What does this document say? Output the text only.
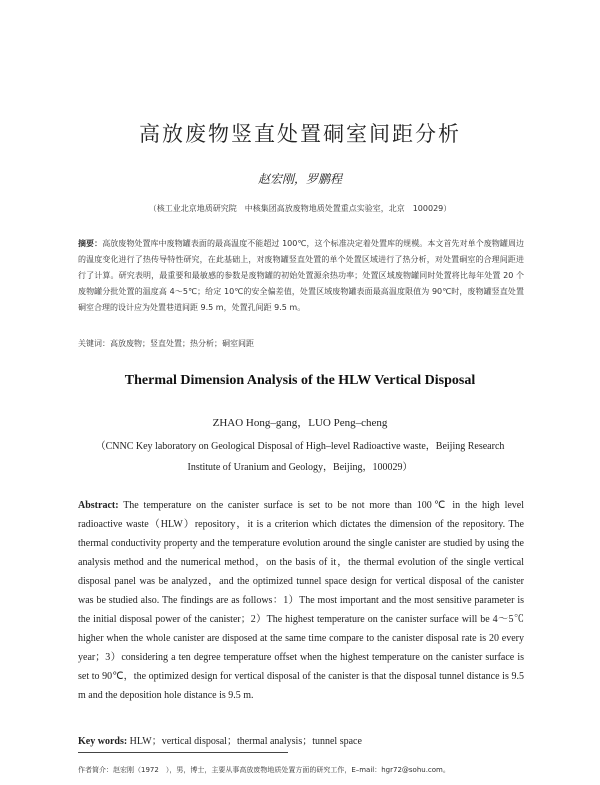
高放废物竖直处置硐室间距分析
赵宏刚，罗鹏程
（核工业北京地质研究院　中核集团高放废物地质处置重点实验室，北京　100029）
摘要：高放废物处置库中废物罐表面的最高温度不能超过 100℃，这个标准决定着处置库的规模。本文首先对单个废物罐周边的温度变化进行了热传导特性研究，在此基础上，对废物罐竖直处置的单个处置区域进行了热分析，对处置硐室的合理间距进行了计算。研究表明，最重要和最敏感的参数是废物罐的初始处置源余热功率；处置区域废物罐同时处置将比每年处置 20 个废物罐分批处置的温度高 4～5℃；给定 10℃的安全偏差值，处置区域废物罐表面最高温度限值为 90℃时，废物罐竖直处置硐室合理的设计应为处置巷道间距 9.5 m，处置孔间距 9.5 m。
关键词：高放废物；竖直处置；热分析；硐室间距
Thermal Dimension Analysis of the HLW Vertical Disposal
ZHAO Hong–gang，LUO Peng–cheng
（CNNC Key laboratory on Geological Disposal of High–level Radioactive waste，Beijing Research
Institute of Uranium and Geology，Beijing，100029）
Abstract: The temperature on the canister surface is set to be not more than 100℃ in the high level radioactive waste（HLW）repository，it is a criterion which dictates the dimension of the repository. The thermal conductivity property and the temperature evolution around the single canister are studied by using the analysis method and the numerical method，on the basis of it，the thermal evolution of the single vertical disposal panel was be analyzed，and the optimized tunnel space design for vertical disposal of the canister was be studied also. The findings are as follows：1）The most important and the most sensitive parameter is the initial disposal power of the canister；2）The highest temperature on the canister surface will be 4～5℃ higher when the whole canister are disposed at the same time compare to the canister disposal rate is 20 every year；3）considering a ten degree temperature offset when the highest temperature on the canister surface is set to 90℃，the optimized design for vertical disposal of the canister is that the disposal tunnel distance is 9.5 m and the deposition hole distance is 9.5 m.
Key words: HLW；vertical disposal；thermal analysis；tunnel space
作者简介：赵宏刚（1972　），男，博士，主要从事高放废物地质处置方面的研究工作，E–mail：hgr72@sohu.com。
